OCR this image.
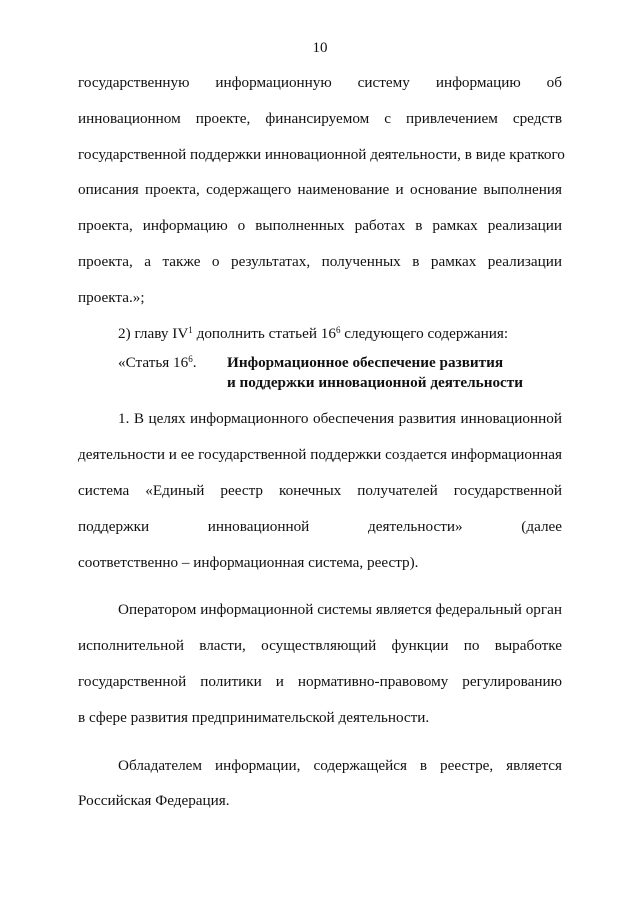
10
государственную информационную систему информацию об
инновационном проекте, финансируемом с привлечением средств
государственной поддержки инновационной деятельности, в виде краткого
описания проекта, содержащего наименование и основание выполнения
проекта, информацию о выполненных работах в рамках реализации
проекта, а также о результатах, полученных в рамках реализации
проекта.»;
2) главу $IV^1$ дополнить статьей $16^6$ следующего содержания:
«Статья $16^6$. Информационное обеспечение развития
и поддержки инновационной деятельности
1. В целях информационного обеспечения развития инновационной
деятельности и ее государственной поддержки создается информационная
система «Единый реестр конечных получателей государственной
поддержки инновационной деятельности» (далее
соответственно – информационная система, реестр).
Оператором информационной системы является федеральный орган
исполнительной власти, осуществляющий функции по выработке
государственной политики и нормативно-правовому регулированию
в сфере развития предпринимательской деятельности.
Обладателем информации, содержащейся в реестре, является
Российская Федерация.
